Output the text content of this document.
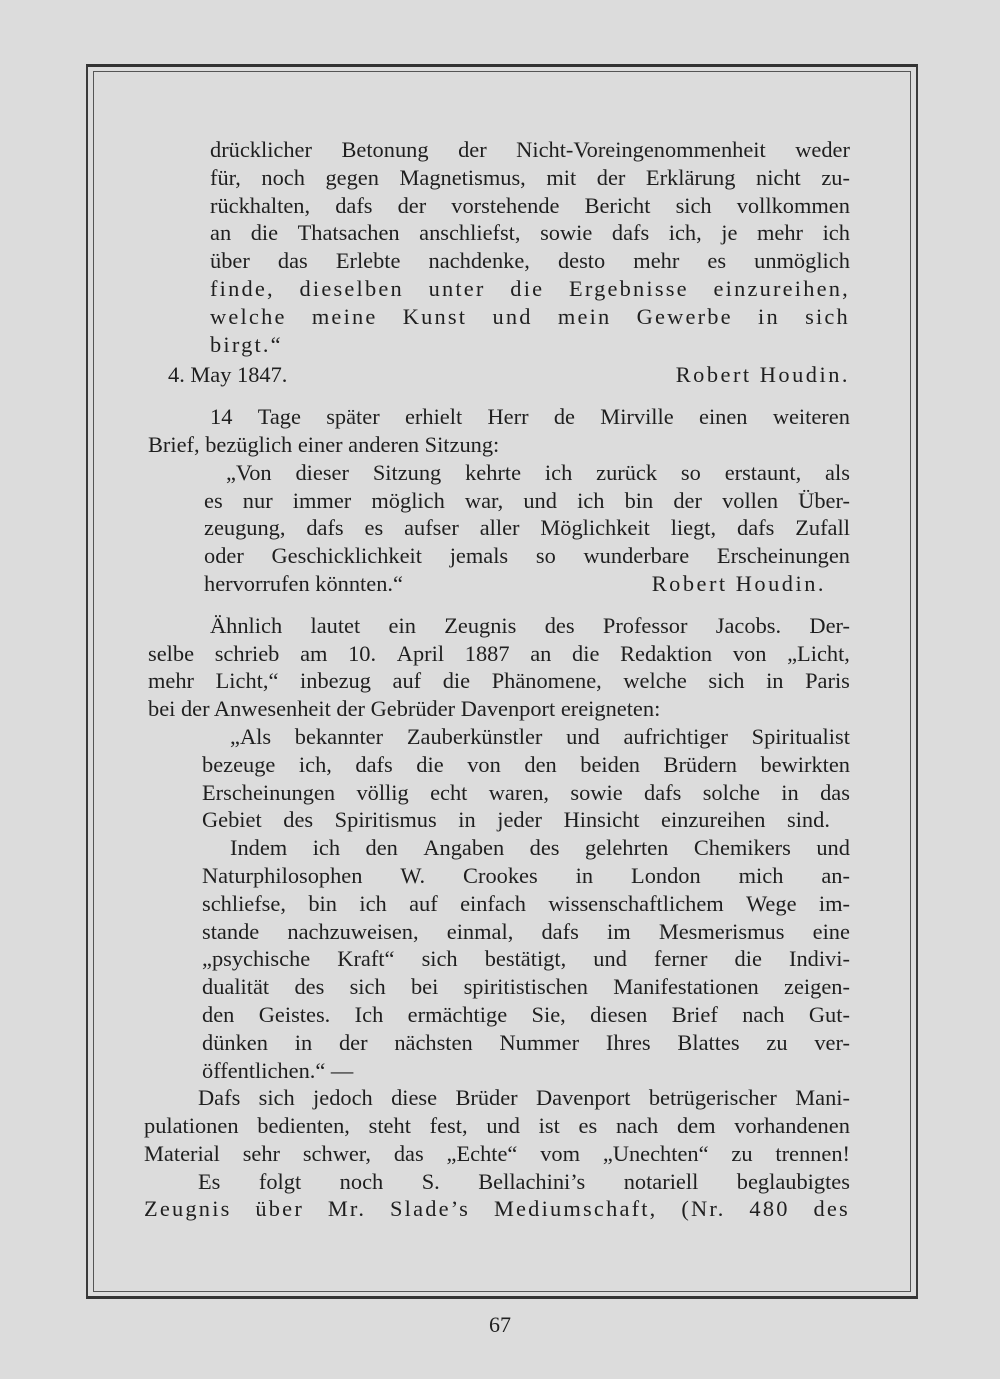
drücklicher Betonung der Nicht-Voreingenommenheit weder
für, noch gegen Magnetismus, mit der Erklärung nicht zu-
rückhalten, dafs der vorstehende Bericht sich vollkommen
an die Thatsachen anschliefst, sowie dafs ich, je mehr ich
über das Erlebte nachdenke, desto mehr es unmöglich
finde, dieselben unter die Ergebnisse einzureihen,
welche meine Kunst und mein Gewerbe in sich
birgt.“
4. May 1847.	Robert Houdin.
14 Tage später erhielt Herr de Mirville einen weiteren
Brief, bezüglich einer anderen Sitzung:
„Von dieser Sitzung kehrte ich zurück so erstaunt, als
es nur immer möglich war, und ich bin der vollen Über-
zeugung, dafs es aufser aller Möglichkeit liegt, dafs Zufall
oder Geschicklichkeit jemals so wunderbare Erscheinungen
hervorrufen könnten.“	Robert Houdin.
Ähnlich lautet ein Zeugnis des Professor Jacobs. Der-
selbe schrieb am 10. April 1887 an die Redaktion von „Licht,
mehr Licht,“ inbezug auf die Phänomene, welche sich in Paris
bei der Anwesenheit der Gebrüder Davenport ereigneten:
„Als bekannter Zauberkünstler und aufrichtiger Spiritualist
bezeuge ich, dafs die von den beiden Brüdern bewirkten
Erscheinungen völlig echt waren, sowie dafs solche in das
Gebiet des Spiritismus in jeder Hinsicht einzureihen sind.
Indem ich den Angaben des gelehrten Chemikers und
Naturphilosophen W. Crookes in London mich an-
schliefse, bin ich auf einfach wissenschaftlichem Wege im-
stande nachzuweisen, einmal, dafs im Mesmerismus eine
„psychische Kraft“ sich bestätigt, und ferner die Indivi-
dualität des sich bei spiritistischen Manifestationen zeigen-
den Geistes. Ich ermächtige Sie, diesen Brief nach Gut-
dünken in der nächsten Nummer Ihres Blattes zu ver-
öffentlichen.“ —
Dafs sich jedoch diese Brüder Davenport betrügerischer Mani-
pulationen bedienten, steht fest, und ist es nach dem vorhandenen
Material sehr schwer, das „Echte“ vom „Unechten“ zu trennen!
Es folgt noch S. Bellachini’s notariell beglaubigtes
Zeugnis über Mr. Slade’s Mediumschaft, (Nr. 480 des
67
